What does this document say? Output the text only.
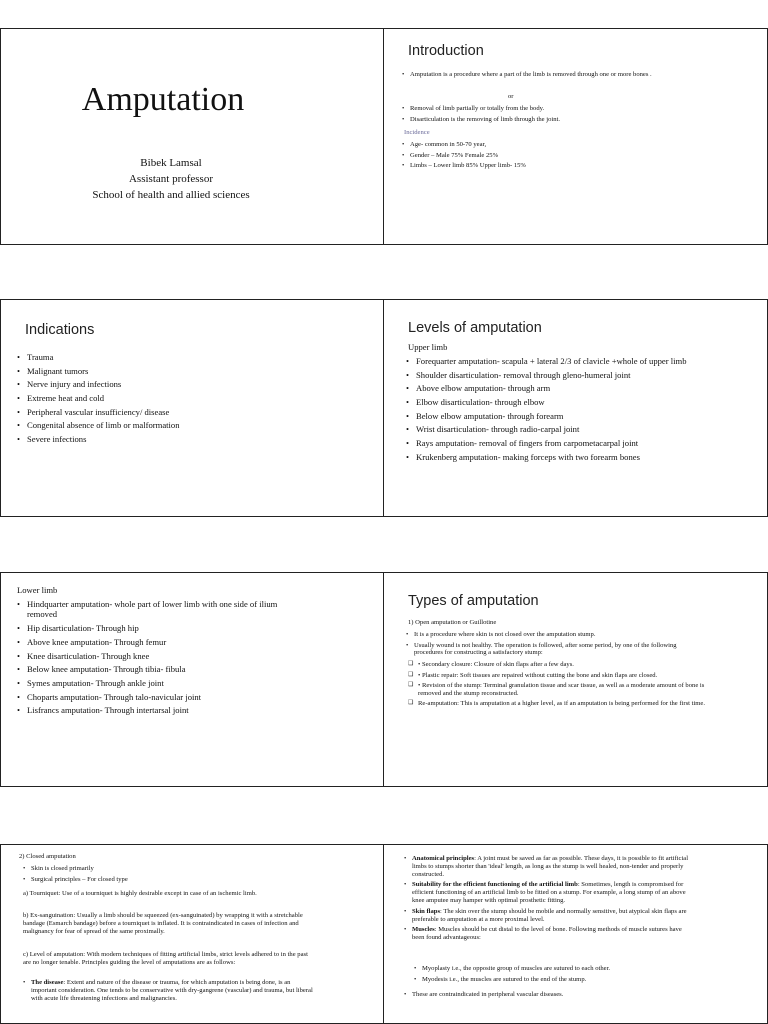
Amputation
Bibek Lamsal
Assistant professor
School of health and allied sciences
Introduction
• Amputation is a procedure where a part of the limb is removed through one or more bones .
or
• Removal of limb partially or totally from the body.
• Disarticulation is the removing of limb through the joint.
Incidence
• Age- common in 50-70 year,
• Gender – Male 75% Female 25%
• Limbs – Lower limb 85% Upper limb- 15%
Indications
• Trauma
• Malignant tumors
• Nerve injury and infections
• Extreme heat and cold
• Peripheral vascular insufficiency/ disease
• Congenital absence of limb or malformation
• Severe infections
Levels of amputation
Upper limb
• Forequarter amputation- scapula + lateral 2/3 of clavicle +whole of upper limb
• Shoulder disarticulation- removal through gleno-humeral joint
• Above elbow amputation- through arm
• Elbow disarticulation- through elbow
• Below elbow amputation- through forearm
• Wrist disarticulation- through radio-carpal joint
• Rays amputation- removal of fingers from carpometacarpal joint
• Krukenberg amputation- making forceps with two forearm bones
Lower limb
• Hindquarter amputation- whole part of lower limb with one side of ilium removed
• Hip disarticulation- Through hip
• Above knee amputation- Through femur
• Knee disarticulation- Through knee
• Below knee amputation- Through tibia- fibula
• Symes amputation- Through ankle joint
• Choparts amputation- Through talo-navicular joint
• Lisfrancs amputation- Through intertarsal joint
Types of amputation
1) Open amputation or Guillotine
• It is a procedure where skin is not closed over the amputation stump.
• Usually wound is not healthy. The operation is followed, after some period, by one of the following procedures for constructing a satisfactory stump:
❑ • Secondary closure: Closure of skin flaps after a few days.
❑ • Plastic repair: Soft tissues are repaired without cutting the bone and skin flaps are closed.
❑ • Revision of the stump: Terminal granulation tissue and scar tissue, as well as a moderate amount of bone is removed and the stump reconstructed.
❑ Re-amputation: This is amputation at a higher level, as if an amputation is being performed for the first time.
2) Closed amputation
• Skin is closed primarily
• Surgical principles – For closed type
a) Tourniquet: Use of a tourniquet is highly desirable except in case of an ischemic limb.
b) Ex-sanguination: Usually a limb should be squeezed (ex-sanguinated) by wrapping it with a stretchable bandage (Esmarch bandage) before a tourniquet is inflated. It is contraindicated in cases of infection and malignancy for fear of spread of the same proximally.
c) Level of amputation: With modern techniques of fitting artificial limbs, strict levels adhered to in the past are no longer tenable. Principles guiding the level of amputations are as follows:
• The disease: Extent and nature of the disease or trauma, for which amputation is being done, is an important consideration. One tends to be conservative with dry-gangrene (vascular) and trauma, but liberal with acute life threatening infections and malignancies.
• Anatomical principles: A joint must be saved as far as possible. These days, it is possible to fit artificial limbs to stumps shorter than 'ideal' length, as long as the stump is well healed, non-tender and properly constructed.
• Suitability for the efficient functioning of the artificial limb: Sometimes, length is compromised for efficient functioning of an artificial limb to be fitted on a stump. For example, a long stump of an above knee amputee may hamper with optimal prosthetic fitting.
• Skin flaps: The skin over the stump should be mobile and normally sensitive, but atypical skin flaps are preferable to amputation at a more proximal level.
• Muscles: Muscles should be cut distal to the level of bone. Following methods of muscle sutures have been found advantageous:
• Myoplasty i.e., the opposite group of muscles are sutured to each other.
• Myodesis i.e., the muscles are sutured to the end of the stump.
• These are contraindicated in peripheral vascular diseases.
